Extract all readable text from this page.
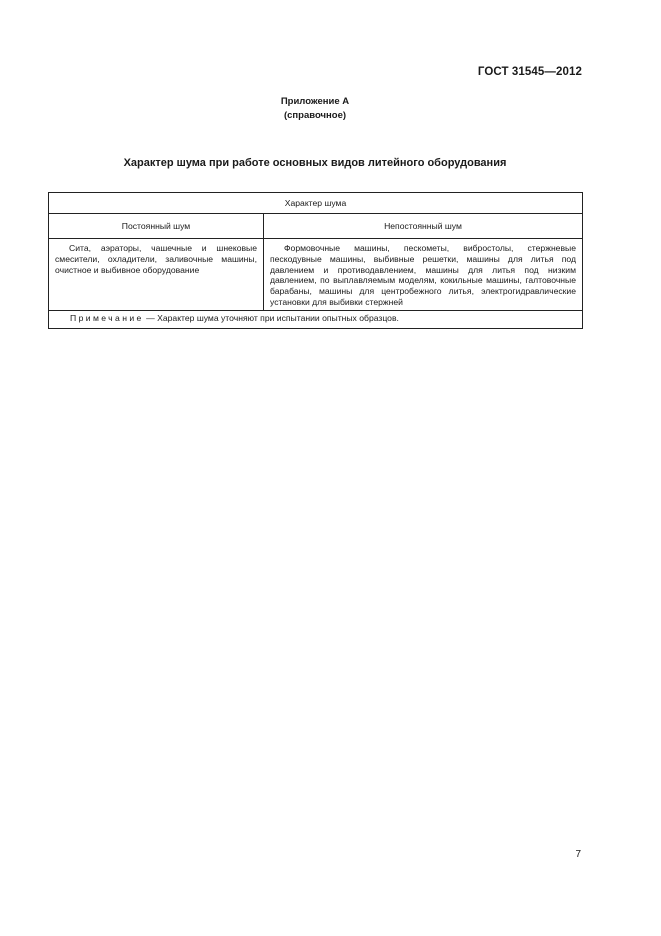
ГОСТ 31545—2012
Приложение А
(справочное)
Характер шума при работе основных видов литейного оборудования
Характер шума	
Постоянный шум	Непостоянный шум
Сита, аэраторы, чашечные и шнековые смесители, охладители, заливочные машины, очистное и выбивное оборудование	Формовочные машины, пескометы, вибростолы, стержневые пескодувные машины, выбивные решетки, машины для литья под давлением и противодавлением, машины для литья под низким давлением, по выплавляемым моделям, кокильные машины, галтовочные барабаны, машины для центробежного литья, электрогидравлические установки для выбивки стержней
Примечание — Характер шума уточняют при испытании опытных образцов.	
7
